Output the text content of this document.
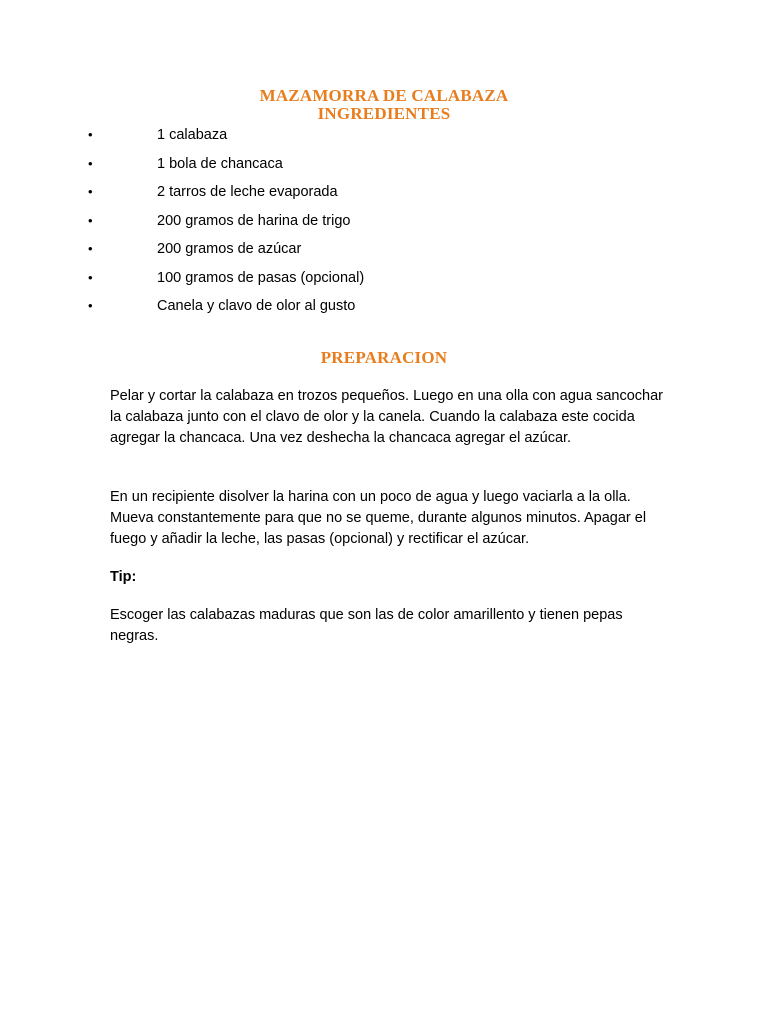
MAZAMORRA DE CALABAZA
INGREDIENTES
•	1 calabaza
•	1 bola de chancaca
•	2 tarros de leche evaporada
•	200 gramos de harina de trigo
•	200 gramos de azúcar
•	100 gramos de pasas (opcional)
•	Canela y clavo de olor al gusto
PREPARACION

Pelar y cortar la calabaza en trozos pequeños. Luego en una olla con agua sancochar la calabaza junto con el clavo de olor y la canela. Cuando la calabaza este cocida agregar la chancaca. Una vez deshecha la chancaca agregar el azúcar.

En un recipiente disolver la harina con un poco de agua y luego vaciarla a la olla. Mueva constantemente para que no se queme, durante algunos minutos. Apagar el fuego y añadir la leche, las pasas (opcional) y rectificar el azúcar.

Tip:

Escoger las calabazas maduras que son las de color amarillento y tienen pepas negras.
